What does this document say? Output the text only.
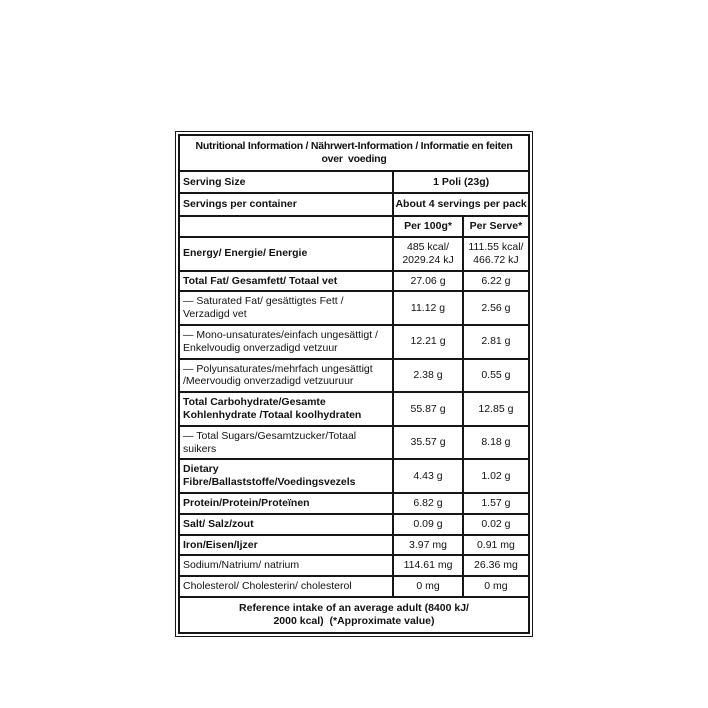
Nutritional Information / Nährwert-Information / Informatie en feiten
over  voeding		

Serving Size	1 Poli (23g)	
Servings per container	About 4 servings per pack	
	Per 100g*	Per Serve*
Energy/ Energie/ Energie	485 kcal/ 2029.24 kJ	111.55 kcal/ 466.72 kJ
Total Fat/ Gesamfett/ Totaal vet	27.06 g	6.22 g
— Saturated Fat/ gesättigtes Fett / Verzadigd vet	11.12 g	2.56 g
— Mono-unsaturates/einfach ungesättigt / Enkelvoudig onverzadigd vetzuur	12.21 g	2.81 g
— Polyunsaturates/mehrfach ungesättigt /Meervoudig onverzadigd vetzuuruur	2.38 g	0.55 g
Total Carbohydrate/Gesamte Kohlenhydrate /Totaal koolhydraten	55.87 g	12.85 g
— Total Sugars/Gesamtzucker/Totaal suikers	35.57 g	8.18 g
Dietary Fibre/Ballaststoffe/Voedingsvezels	4.43 g	1.02 g
Protein/Protein/Proteïnen	6.82 g	1.57 g
Salt/ Salz/zout	0.09 g	0.02 g
Iron/Eisen/Ijzer	3.97 mg	0.91 mg
Sodium/Natrium/ natrium	114.61 mg	26.36 mg
Cholesterol/ Cholesterin/ cholesterol	0 mg	0 mg

Reference intake of an average adult (8400 kJ/
2000 kcal)  (*Approximate value)		
